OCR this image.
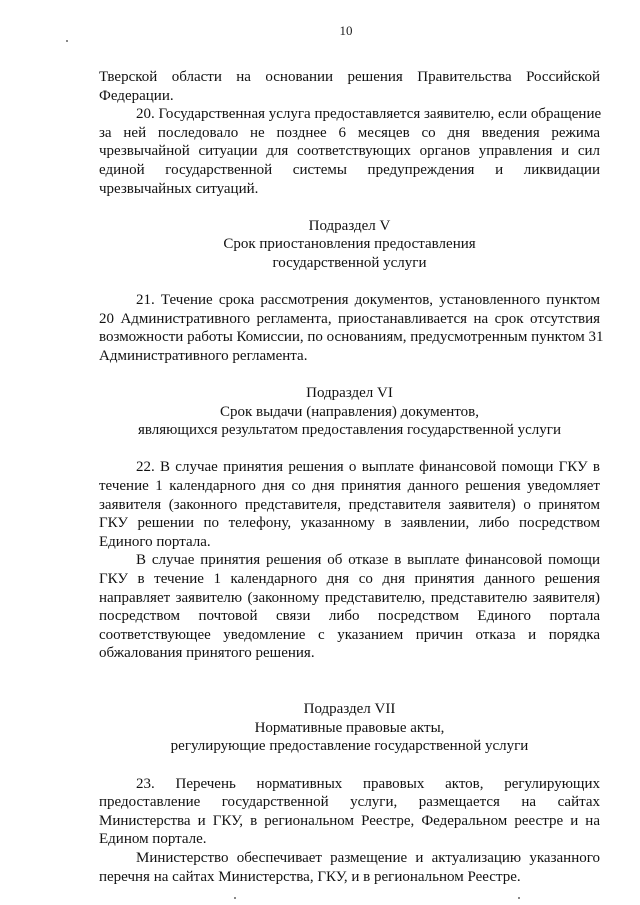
10
Тверской области на основании решения Правительства Российской
Федерации.
20. Государственная услуга предоставляется заявителю, если обращение
за ней последовало не позднее 6 месяцев со дня введения режима
чрезвычайной ситуации для соответствующих органов управления и сил
единой государственной системы предупреждения и ликвидации
чрезвычайных ситуаций.
Подраздел V
Срок приостановления предоставления
государственной услуги
21. Течение срока рассмотрения документов, установленного пунктом
20 Административного регламента, приостанавливается на срок отсутствия
возможности работы Комиссии, по основаниям, предусмотренным пунктом 31
Административного регламента.
Подраздел VI
Срок выдачи (направления) документов,
являющихся результатом предоставления государственной услуги
22. В случае принятия решения о выплате финансовой помощи ГКУ в
течение 1 календарного дня со дня принятия данного решения уведомляет
заявителя (законного представителя, представителя заявителя) о принятом
ГКУ решении по телефону, указанному в заявлении, либо посредством
Единого портала.
В случае принятия решения об отказе в выплате финансовой помощи
ГКУ в течение 1 календарного дня со дня принятия данного решения
направляет заявителю (законному представителю, представителю заявителя)
посредством почтовой связи либо посредством Единого портала
соответствующее уведомление с указанием причин отказа и порядка
обжалования принятого решения.
Подраздел VII
Нормативные правовые акты,
регулирующие предоставление государственной услуги
23. Перечень нормативных правовых актов, регулирующих
предоставление государственной услуги, размещается на сайтах
Министерства и ГКУ, в региональном Реестре, Федеральном реестре и на
Едином портале.
Министерство обеспечивает размещение и актуализацию указанного
перечня на сайтах Министерства, ГКУ, и в региональном Реестре.
